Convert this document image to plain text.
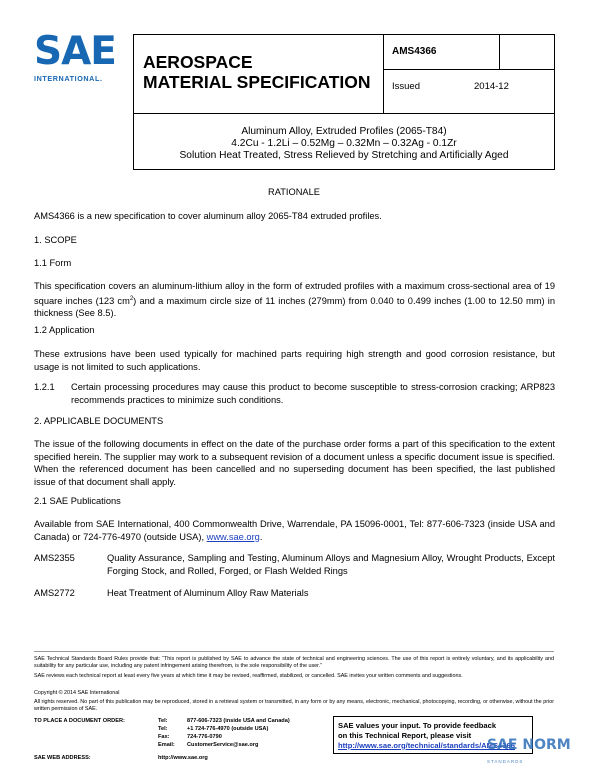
SAE
INTERNATIONAL.
AEROSPACE
MATERIAL SPECIFICATION
AMS4366
Issued	2014-12
Aluminum Alloy, Extruded Profiles (2065-T84)
4.2Cu - 1.2Li – 0.52Mg – 0.32Mn – 0.32Ag - 0.1Zr
Solution Heat Treated, Stress Relieved by Stretching and Artificially Aged
RATIONALE
AMS4366 is a new specification to cover aluminum alloy 2065-T84 extruded profiles.
1. SCOPE
1.1 Form
This specification covers an aluminum-lithium alloy in the form of extruded profiles with a maximum cross-sectional area of 19 square inches (123 $cm^2$) and a maximum circle size of 11 inches (279mm) from 0.040 to 0.499 inches (1.00 to 12.50 mm) in thickness (See 8.5).
1.2 Application
These extrusions have been used typically for machined parts requiring high strength and good corrosion resistance, but usage is not limited to such applications.
1.2.1 Certain processing procedures may cause this product to become susceptible to stress-corrosion cracking; ARP823 recommends practices to minimize such conditions.
2. APPLICABLE DOCUMENTS
The issue of the following documents in effect on the date of the purchase order forms a part of this specification to the extent specified herein. The supplier may work to a subsequent revision of a document unless a specific document issue is specified. When the referenced document has been cancelled and no superseding document has been specified, the last published issue of that document shall apply.
2.1 SAE Publications
Available from SAE International, 400 Commonwealth Drive, Warrendale, PA 15096-0001, Tel: 877-606-7323 (inside USA and Canada) or 724-776-4970 (outside USA), www.sae.org.
AMS2355	Quality Assurance, Sampling and Testing, Aluminum Alloys and Magnesium Alloy, Wrought Products, Except Forging Stock, and Rolled, Forged, or Flash Welded Rings
AMS2772	Heat Treatment of Aluminum Alloy Raw Materials
SAE Technical Standards Board Rules provide that: “This report is published by SAE to advance the state of technical and engineering sciences. The use of this report is entirely voluntary, and its applicability and suitability for any particular use, including any patent infringement arising therefrom, is the sole responsibility of the user.”
SAE reviews each technical report at least every five years at which time it may be revised, reaffirmed, stabilized, or cancelled. SAE invites your written comments and suggestions.
Copyright © 2014 SAE International
All rights reserved. No part of this publication may be reproduced, stored in a retrieval system or transmitted, in any form or by any means, electronic, mechanical, photocopying, recording, or otherwise, without the prior written permission of SAE.
TO PLACE A DOCUMENT ORDER:	Tel:	877-606-7323 (inside USA and Canada)
Tel:	+1 724-776-4970 (outside USA)
Fax:	724-776-0790
Email: CustomerService@sae.org
SAE WEB ADDRESS:	http://www.sae.org
SAE values your input. To provide feedback
on this Technical Report, please visit
http://www.sae.org/technical/standards/AMS4366
SAE NORM
STANDARDS
